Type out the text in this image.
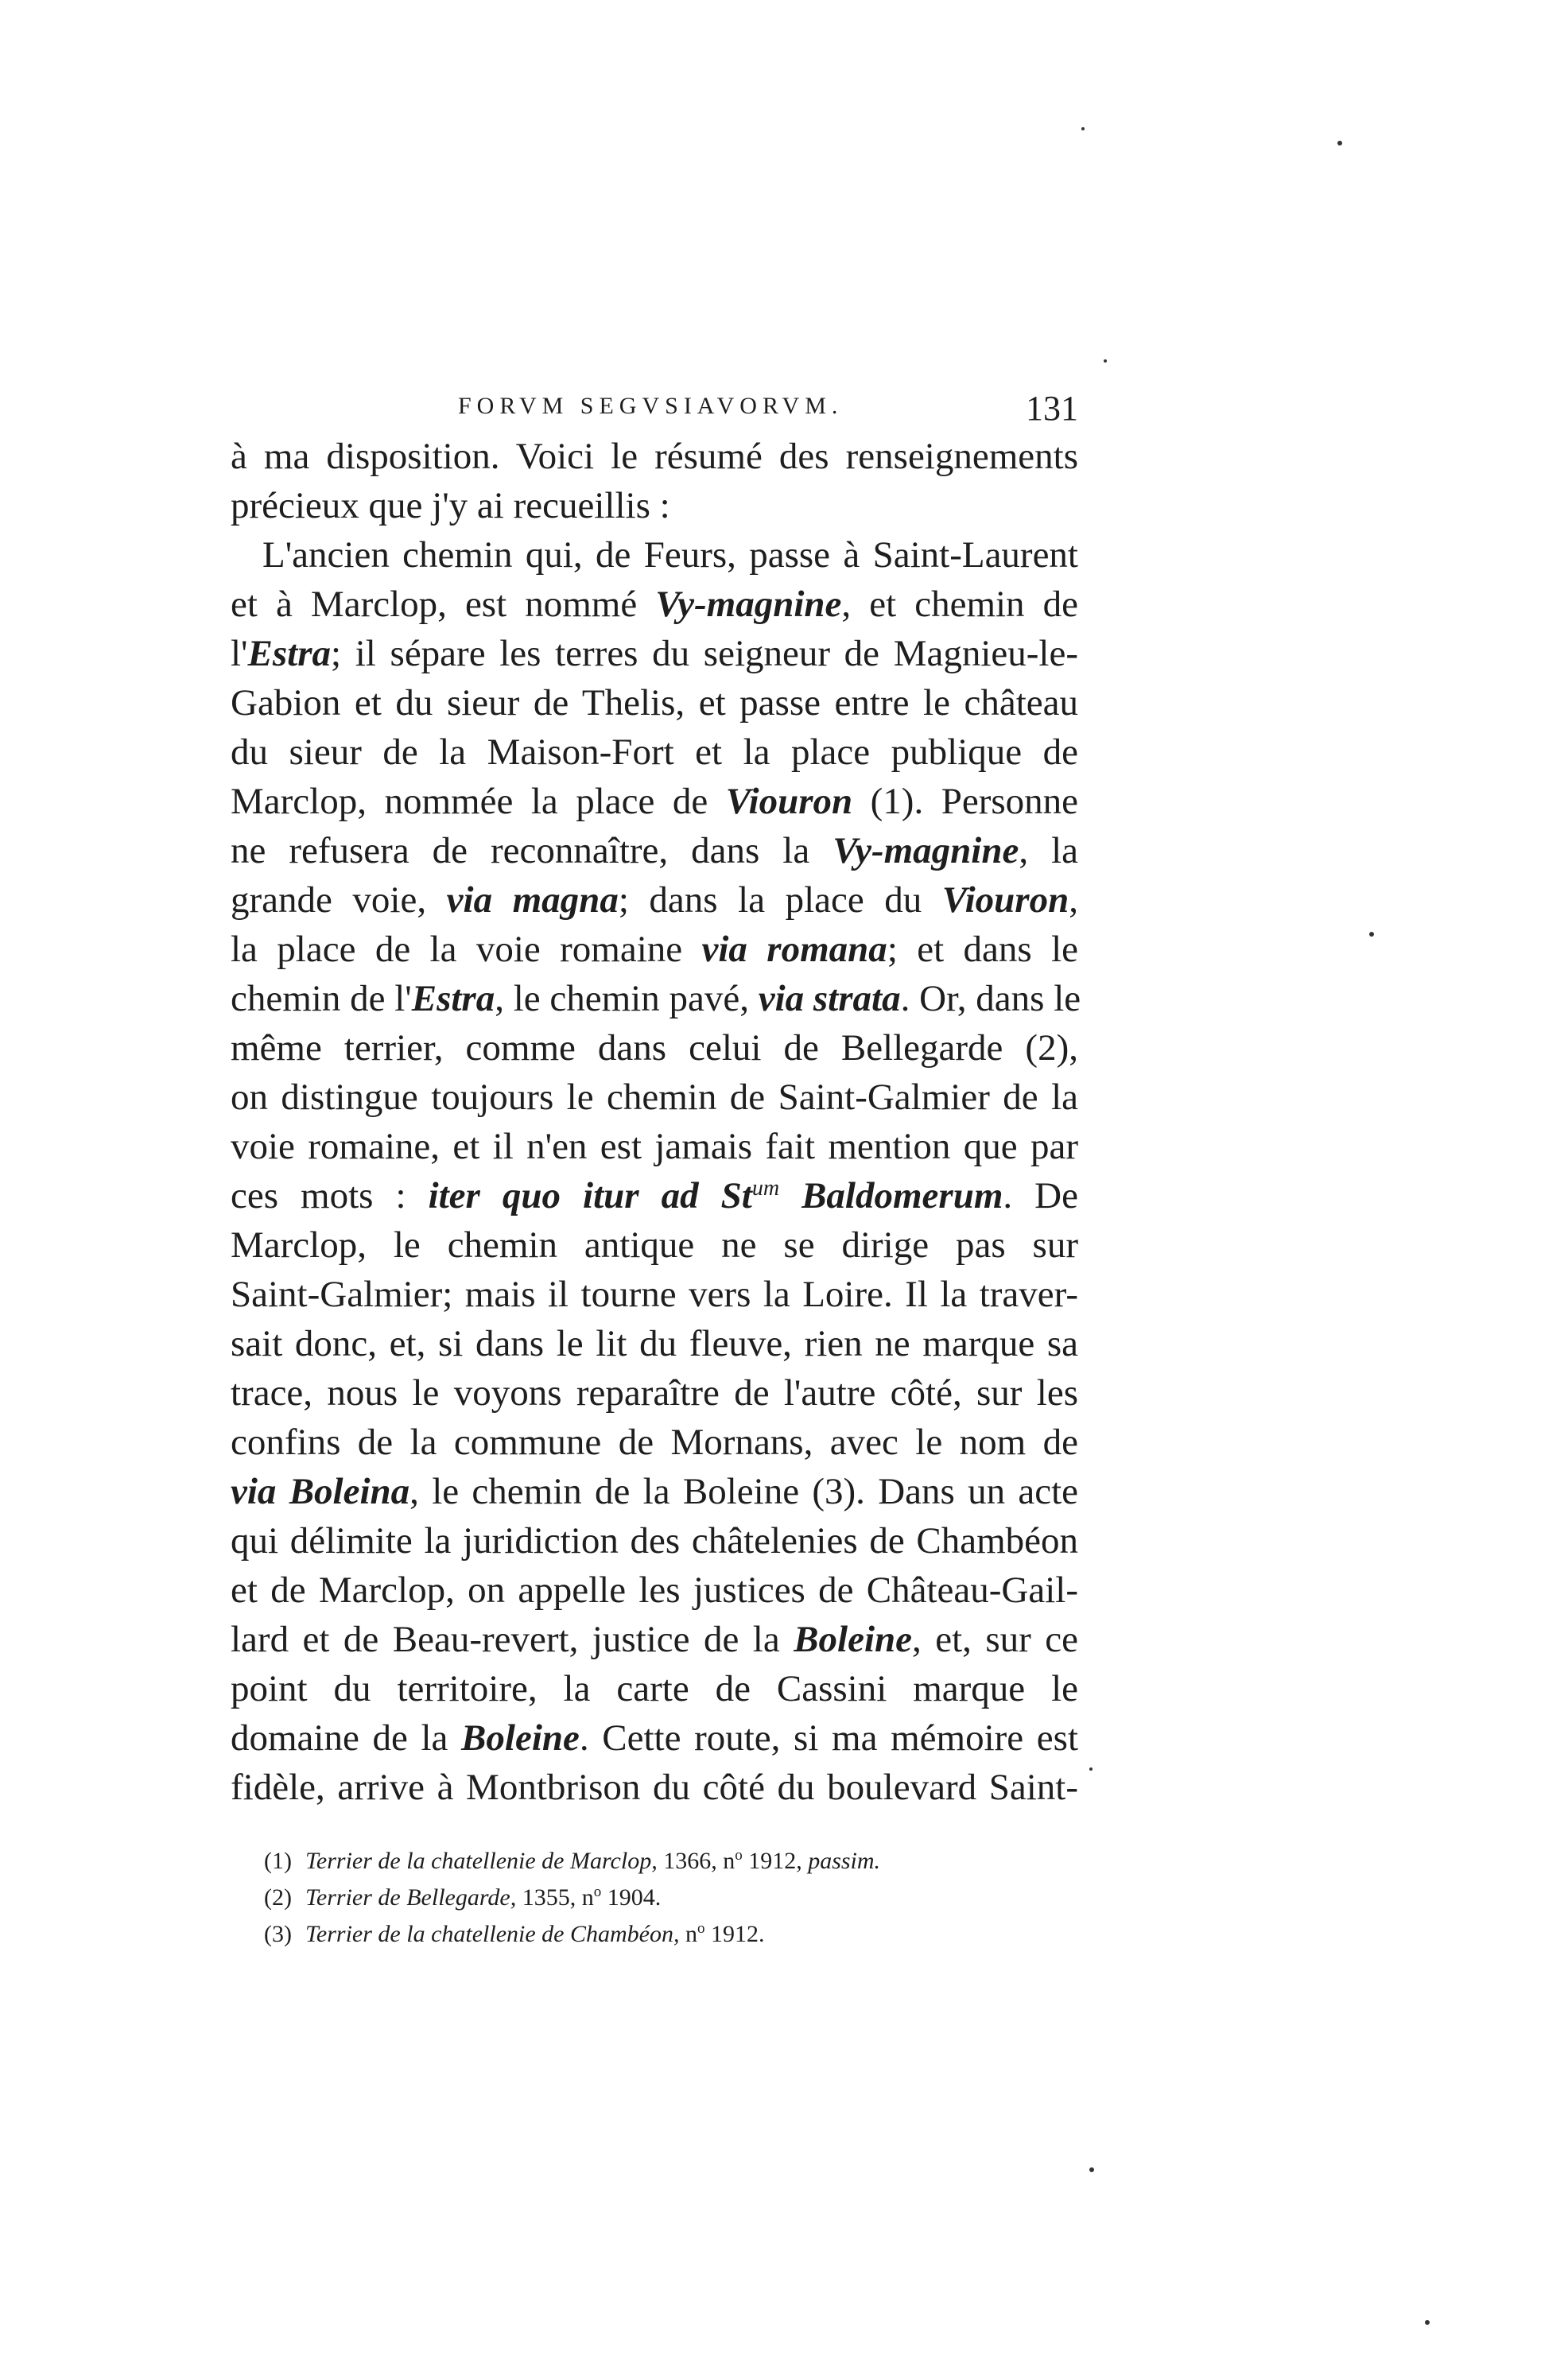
FORVM SEGVSIAVORVM.	131
à ma disposition. Voici le résumé des renseignements
précieux que j'y ai recueillis :
L'ancien chemin qui, de Feurs, passe à Saint-Laurent
et à Marclop, est nommé Vy-magnine, et chemin de
l'Estra; il sépare les terres du seigneur de Magnieu-le-
Gabion et du sieur de Thelis, et passe entre le château
du sieur de la Maison-Fort et la place publique de
Marclop, nommée la place de Viouron (1). Personne
ne refusera de reconnaître, dans la Vy-magnine, la
grande voie, via magna; dans la place du Viouron,
la place de la voie romaine via romana; et dans le
chemin de l'Estra, le chemin pavé, via strata. Or, dans le
même terrier, comme dans celui de Bellegarde (2),
on distingue toujours le chemin de Saint-Galmier de la
voie romaine, et il n'en est jamais fait mention que par
ces mots : iter quo itur ad $St^{um}$ Baldomerum. De
Marclop, le chemin antique ne se dirige pas sur
Saint-Galmier; mais il tourne vers la Loire. Il la traver-
sait donc, et, si dans le lit du fleuve, rien ne marque sa
trace, nous le voyons reparaître de l'autre côté, sur les
confins de la commune de Mornans, avec le nom de
via Boleina, le chemin de la Boleine (3). Dans un acte
qui délimite la juridiction des châtelenies de Chambéon
et de Marclop, on appelle les justices de Château-Gail-
lard et de Beau-revert, justice de la Boleine, et, sur ce
point du territoire, la carte de Cassini marque le
domaine de la Boleine. Cette route, si ma mémoire est
fidèle, arrive à Montbrison du côté du boulevard Saint-
(1) Terrier de la chatellenie de Marclop, 1366, $n^o$ 1912, passim.
(2) Terrier de Bellegarde, 1355, $n^o$ 1904.
(3) Terrier de la chatellenie de Chambéon, $n^o$ 1912.
